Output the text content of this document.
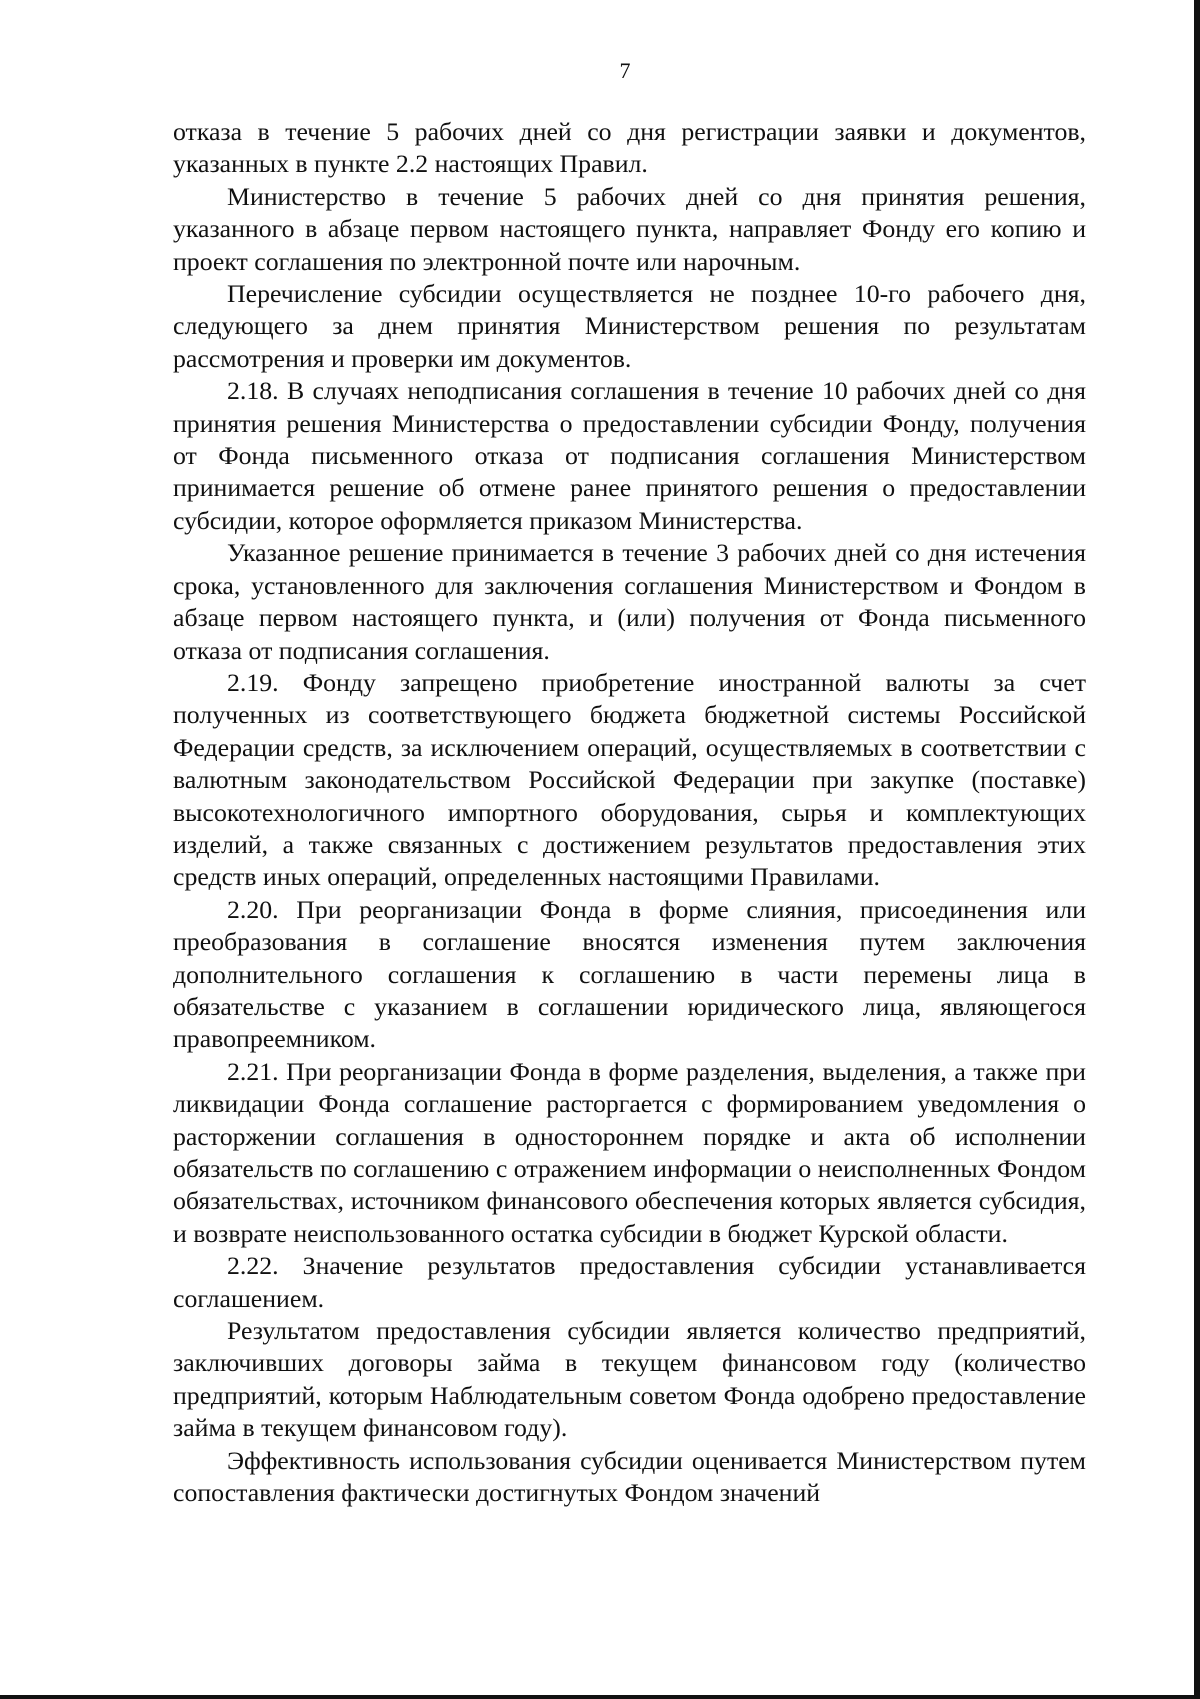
7

отказа в течение 5 рабочих дней со дня регистрации заявки и документов, указанных в пункте 2.2 настоящих Правил.

Министерство в течение 5 рабочих дней со дня принятия решения, указанного в абзаце первом настоящего пункта, направляет Фонду его копию и проект соглашения по электронной почте или нарочным.

Перечисление субсидии осуществляется не позднее 10-го рабочего дня, следующего за днем принятия Министерством решения по результатам рассмотрения и проверки им документов.

2.18. В случаях неподписания соглашения в течение 10 рабочих дней со дня принятия решения Министерства о предоставлении субсидии Фонду, получения от Фонда письменного отказа от подписания соглашения Министерством принимается решение об отмене ранее принятого решения о предоставлении субсидии, которое оформляется приказом Министерства.

Указанное решение принимается в течение 3 рабочих дней со дня истечения срока, установленного для заключения соглашения Министерством и Фондом в абзаце первом настоящего пункта, и (или) получения от Фонда письменного отказа от подписания соглашения.

2.19. Фонду запрещено приобретение иностранной валюты за счет полученных из соответствующего бюджета бюджетной системы Российской Федерации средств, за исключением операций, осуществляемых в соответствии с валютным законодательством Российской Федерации при закупке (поставке) высокотехнологичного импортного оборудования, сырья и комплектующих изделий, а также связанных с достижением результатов предоставления этих средств иных операций, определенных настоящими Правилами.

2.20. При реорганизации Фонда в форме слияния, присоединения или преобразования в соглашение вносятся изменения путем заключения дополнительного соглашения к соглашению в части перемены лица в обязательстве с указанием в соглашении юридического лица, являющегося правопреемником.

2.21. При реорганизации Фонда в форме разделения, выделения, а также при ликвидации Фонда соглашение расторгается с формированием уведомления о расторжении соглашения в одностороннем порядке и акта об исполнении обязательств по соглашению с отражением информации о неисполненных Фондом обязательствах, источником финансового обеспечения которых является субсидия, и возврате неиспользованного остатка субсидии в бюджет Курской области.

2.22. Значение результатов предоставления субсидии устанавливается соглашением.

Результатом предоставления субсидии является количество предприятий, заключивших договоры займа в текущем финансовом году (количество предприятий, которым Наблюдательным советом Фонда одобрено предоставление займа в текущем финансовом году).

Эффективность использования субсидии оценивается Министерством путем сопоставления фактически достигнутых Фондом значений
